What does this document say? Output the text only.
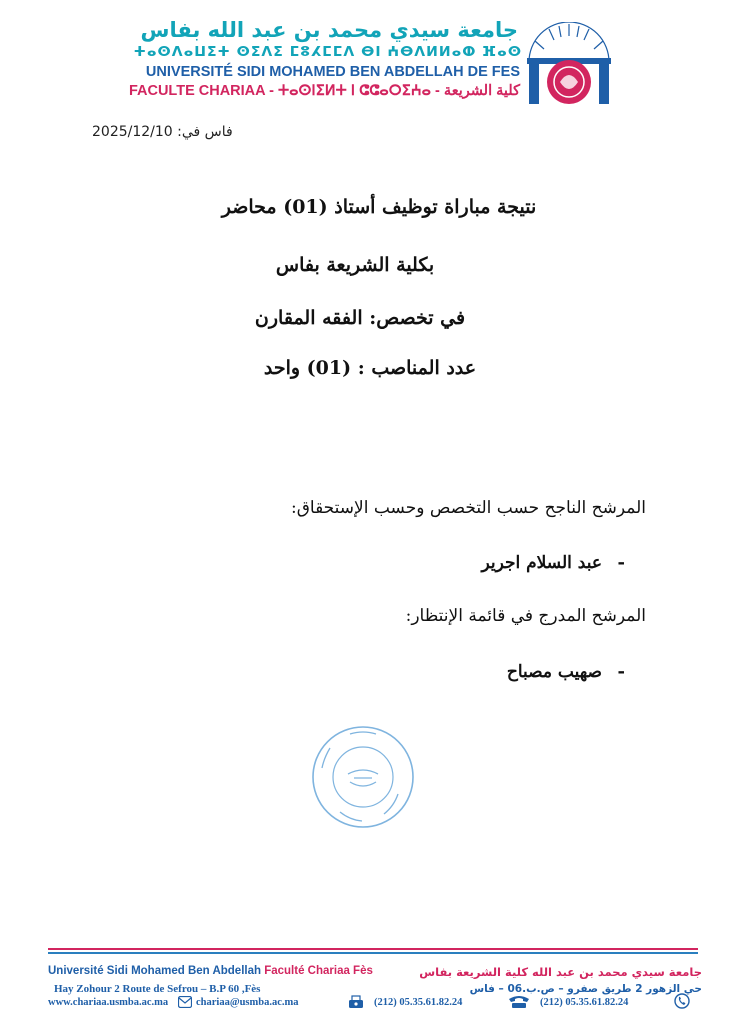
جامعة سيدي محمد بن عبد الله بفاس
ⵜⴰⵙⴷⴰⵡⵉⵜ ⵙⵉⴷⵉ ⵎⵓⵃⵎⵎⴷ ⴱⵏ ⵄⴱⴷⵍⵍⴰⵀ ⴼⴰⵙ
UNIVERSITÉ SIDI MOHAMED BEN ABDELLAH DE FES
FACULTE CHARIAA - ⵜⴰⵙⵏⵉⵍⵜ ⵏ ⵛⵛⴰⵔⵉⵄⴰ - كلية الشريعة
فاس في: 2025/12/10
نتيجة مباراة توظيف أستاذ (01) محاضر
بكلية الشريعة بفاس
في تخصص: الفقه المقارن
عدد المناصب : (01) واحد
المرشح الناجح حسب التخصص وحسب الإستحقاق:
-
عبد السلام اجرير
المرشح المدرج في قائمة الإنتظار:
-
صهيب مصباح
Université Sidi Mohamed Ben Abdellah Faculté Chariaa Fès
Hay Zohour 2 Route de Sefrou – B.P 60 ,Fès
جامعة سيدي محمد بن عبد الله كلية الشريعة بفاس
حي الزهور 2 طريق صفرو – ص.ب.06 – فاس
www.chariaa.usmba.ac.ma	chariaa@usmba.ac.ma	(212) 05.35.61.82.24	(212) 05.35.61.82.24
